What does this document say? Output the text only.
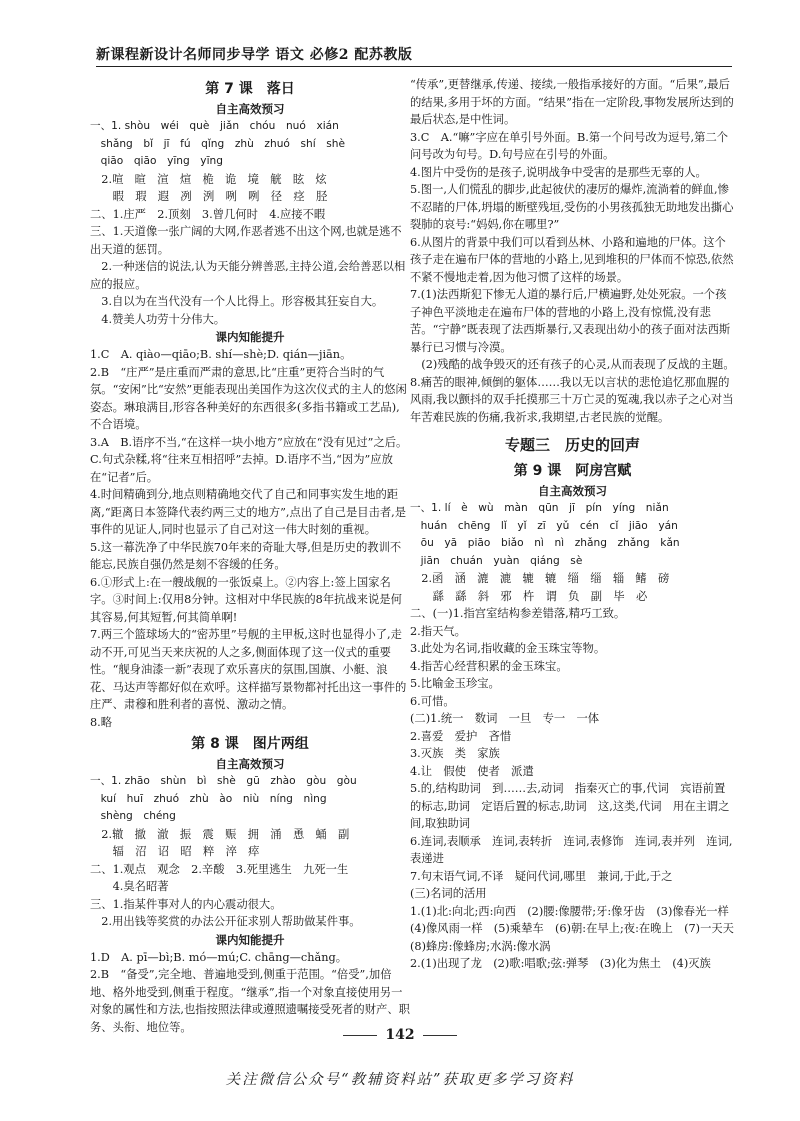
新课程新设计名师同步导学 语文 必修2 配苏教版
第 7 课　落日
自主高效预习

一、1. shòu　wéi　què　jiǎn　chóu　nuó　xián
　shǎng　bǐ　jī　fú　qǐng　zhù　zhuó　shí　shè
　qiāo　qiāo　yīng　yīng

　2.喧　暄　渲　煊　桅　诡　境　觥　眩　炫
　　暇　瑕　遐　冽　洌　咧　咧　径　痉　胫

二、1.庄严　2.顶刻　3.曾几何时　4.应接不暇

三、1.天道像一张广阔的大网,作恶者逃不出这个网,也就是逃不出天道的惩罚。

　2.一种迷信的说法,认为天能分辨善恶,主持公道,会给善恶以相应的报应。

　3.自以为在当代没有一个人比得上。形容极其狂妄自大。

　4.赞美人功劳十分伟大。

课内知能提升

1.C　A. qiào—qiāo;B. shí—shè;D. qián—jiān。

2.B　“庄严”是庄重而严肃的意思,比“庄重”更符合当时的气氛。“安闲”比“安然”更能表现出美国作为这次仪式的主人的悠闲姿态。琳琅满目,形容各种美好的东西很多(多指书籍或工艺品),不合语境。

3.A　B.语序不当,“在这样一块小地方”应放在“没有见过”之后。C.句式杂糅,将“往来互相招呼”去掉。D.语序不当,“因为”应放在“记者”后。

4.时间精确到分,地点则精确地交代了自己和同事实发生地的距离,“距离日本签降代表约两三丈的地方”,点出了自己是目击者,是事件的见证人,同时也显示了自己对这一伟大时刻的重视。

5.这一幕洗净了中华民族70年来的奇耻大辱,但是历史的教训不能忘,民族自强仍然是刻不容缓的任务。

6.①形式上:在一艘战舰的一张饭桌上。②内容上:签上国家名字。③时间上:仅用8分钟。这相对中华民族的8年抗战来说是何其容易,何其短暂,何其简单啊!

7.两三个篮球场大的“密苏里”号舰的主甲板,这时也显得小了,走动不开,可见当天来庆祝的人之多,侧面体现了这一仪式的重要性。“舰身油漆一新”表现了欢乐喜庆的氛围,国旗、小艇、浪花、马达声等都好似在欢呼。这样描写景物都衬托出这一事件的庄严、肃穆和胜利者的喜悦、激动之情。

8.略

第 8 课　图片两组
自主高效预习

一、1. zhāo　shùn　bì　shè　gū　zhào　gòu　gòu
　kuí　huī　zhuó　zhù　ào　niù　níng　nìng
　shèng　chéng

　2.辙　撤　澈　振　震　赈　拥　涌　恿　蛹　副
　　辐　沼　诏　昭　粹　淬　瘁

二、1.观点　观念　2.辛酸　3.死里逃生　九死一生
　　4.臭名昭著

三、1.指某件事对人的内心震动很大。

　2.用出钱等奖赏的办法公开征求别人帮助做某件事。

课内知能提升

1.D　A. pī—bì;B. mó—mú;C. chāng—chǎng。

2.B　“备受”,完全地、普遍地受到,侧重于范围。“倍受”,加倍地、格外地受到,侧重于程度。“继承”,指一个对象直接使用另一对象的属性和方法,也指按照法律或遵照遗嘱接受死者的财产、职务、头衔、地位等。

“传承”,更替继承,传递、接续,一般指承接好的方面。“后果”,最后的结果,多用于坏的方面。“结果”指在一定阶段,事物发展所达到的最后状态,是中性词。

3.C　A.“嘛”字应在单引号外面。B.第一个问号改为逗号,第二个问号改为句号。D.句号应在引号的外面。

4.图片中受伤的是孩子,说明战争中受害的是那些无辜的人。

5.图一,人们慌乱的脚步,此起彼伏的凄厉的爆炸,流淌着的鲜血,惨不忍睹的尸体,坍塌的断壁残垣,受伤的小男孩孤独无助地发出撕心裂肺的哀号:“妈妈,你在哪里?”

6.从图片的背景中我们可以看到丛林、小路和遍地的尸体。这个孩子走在遍布尸体的营地的小路上,见到堆积的尸体而不惊恐,依然不紧不慢地走着,因为他习惯了这样的场景。

7.(1)法西斯犯下惨无人道的暴行后,尸横遍野,处处死寂。一个孩子神色平淡地走在遍布尸体的营地的小路上,没有惊慌,没有悲苦。“宁静”既表现了法西斯暴行,又表现出幼小的孩子面对法西斯暴行已习惯与冷漠。

　(2)残酷的战争毁灭的还有孩子的心灵,从而表现了反战的主题。

8.痛苦的眼神,倾倒的躯体……我以无以言状的悲怆追忆那血腥的风雨,我以颤抖的双手托摸那三十万亡灵的冤魂,我以赤子之心对当年苦难民族的伤痛,我祈求,我期望,古老民族的觉醒。

专题三　历史的回声
第 9 课　阿房宫赋
自主高效预习

一、1. lí　è　wù　màn　qūn　jī　pín　yíng　niǎn
　huán　chēng　lǐ　yǐ　zī　yǔ　cén　cǐ　jiāo　yán
　ōu　yā　piāo　biǎo　nì　nì　zhǎng　zhǎng　kǎn
　jiān　chuán　yuàn　qiáng　sè

　2.函　涵　漉　漉　辘　辘　缁　缁　辎　鳍　磅
　　繇　繇　斜　邪　杵　谓　负　副　毕　必

二、(一)1.指宫室结构参差错落,精巧工致。

2.指天气。

3.此处为名词,指收藏的金玉珠宝等物。

4.指苦心经营积累的金玉珠宝。

5.比喻金玉珍宝。

6.可惜。

(二)1.统一　数词　一旦　专一　一体

2.喜爱　爱护　吝惜

3.灭族　类　家族

4.让　假使　使者　派遣

5.的,结构助词　到……去,动词　指秦灭亡的事,代词　宾语前置的标志,助词　定语后置的标志,助词　这,这类,代词　用在主谓之间,取独助词

6.连词,表顺承　连词,表转折　连词,表修饰　连词,表并列　连词,表递进

7.句末语气词,不译　疑问代词,哪里　兼词,于此,于之

(三)名词的活用

1.(1)北:向北;西:向西　(2)腰:像腰带;牙:像牙齿　(3)像春光一样　(4)像风雨一样　(5)乘辇车　(6)朝:在早上;夜:在晚上　(7)一天天　(8)蜂房:像蜂房;水涡:像水涡

2.(1)出现了龙　(2)歌:唱歌;弦:弹琴　(3)化为焦土　(4)灭族

142
关注微信公众号“教辅资料站”获取更多学习资料
